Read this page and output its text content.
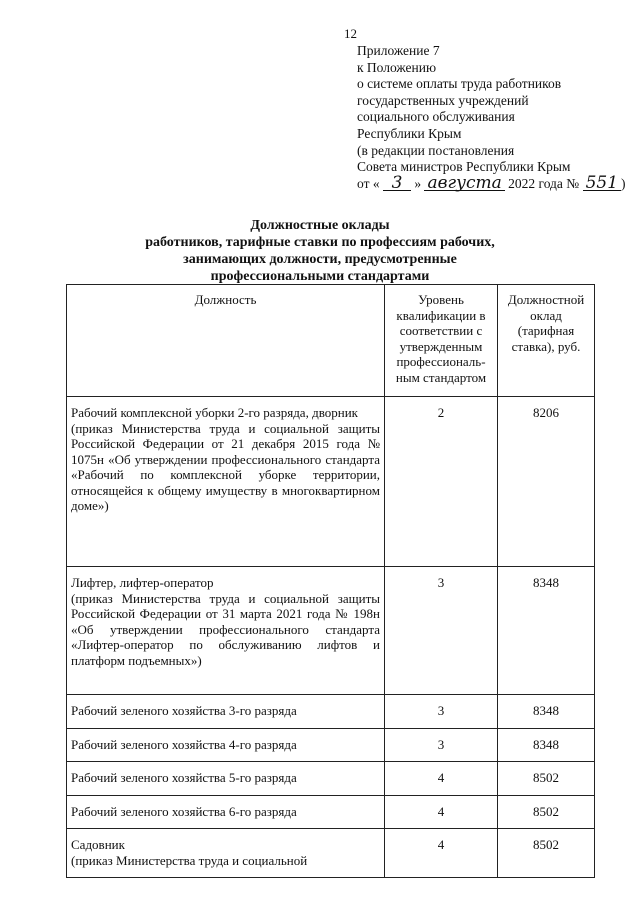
12
Приложение 7
к Положению
о системе оплаты труда работников
государственных учреждений
социального обслуживания
Республики Крым
(в редакции постановления
Совета министров Республики Крым
от « 3 » августа 2022 года № 551 )
Должностные оклады
работников, тарифные ставки по профессиям рабочих,
занимающих должности, предусмотренные
профессиональными стандартами
Должность	Уровень квалификации в соответствии с утвержденным профессиональ-ным стандартом	Должностной оклад (тарифная ставка), руб.
Рабочий комплексной уборки 2-го разряда, дворник
(приказ Министерства труда и социальной защиты Российской Федерации от 21 декабря 2015 года № 1075н «Об утверждении профессионального стандарта «Рабочий по комплексной уборке территории, относящейся к общему имуществу в многоквартирном доме»)	2	8206
Лифтер, лифтер-оператор
(приказ Министерства труда и социальной защиты Российской Федерации от 31 марта 2021 года № 198н «Об утверждении профессионального стандарта «Лифтер-оператор по обслуживанию лифтов и платформ подъемных»)	3	8348
Рабочий зеленого хозяйства 3-го разряда	3	8348
Рабочий зеленого хозяйства 4-го разряда	3	8348
Рабочий зеленого хозяйства 5-го разряда	4	8502
Рабочий зеленого хозяйства 6-го разряда	4	8502
Садовник
(приказ Министерства труда и социальной	4	8502
